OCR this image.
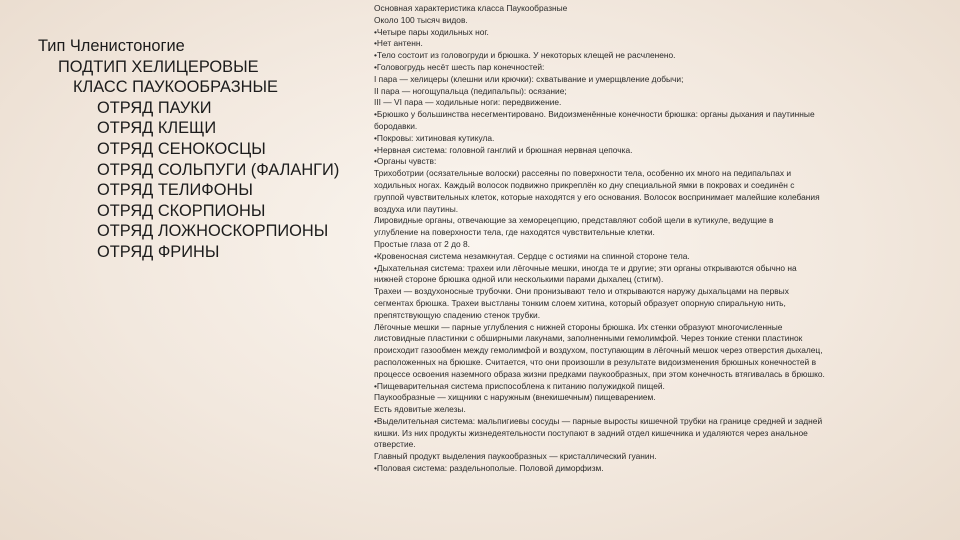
Тип Членистоногие
ПОДТИП ХЕЛИЦЕРОВЫЕ
КЛАСС ПАУКООБРАЗНЫЕ
ОТРЯД ПАУКИ
ОТРЯД КЛЕЩИ
ОТРЯД СЕНОКОСЦЫ
ОТРЯД СОЛЬПУГИ (ФАЛАНГИ)
ОТРЯД ТЕЛИФОНЫ
ОТРЯД СКОРПИОНЫ
ОТРЯД ЛОЖНОСКОРПИОНЫ
ОТРЯД ФРИНЫ
Основная характеристика класса Паукообразные
Около 100 тысяч видов.
•Четыре пары ходильных ног.
•Нет антенн.
•Тело состоит из головогруди и брюшка. У некоторых клещей не расчленено.
•Головогрудь несёт шесть пар конечностей:
I пара — хелицеры (клешни или крючки): схватывание и умерщвление добычи;
II пара — ногощупальца (педипальпы): осязание;
III — VI пара — ходильные ноги: передвижение.
•Брюшко у большинства несегментировано. Видоизменённые конечности брюшка: органы дыхания и паутинные
бородавки.
•Покровы: хитиновая кутикула.
•Нервная система: головной ганглий и брюшная нервная цепочка.
•Органы чувств:
Трихоботрии (осязательные волоски) рассеяны по поверхности тела, особенно их много на педипальпах и
ходильных ногах. Каждый волосок подвижно прикреплён ко дну специальной ямки в покровах и соединён с
группой чувствительных клеток, которые находятся у его основания. Волосок воспринимает малейшие колебания
воздуха или паутины.
Лировидные органы, отвечающие за хеморецепцию, представляют собой щели в кутикуле, ведущие в
углубление на поверхности тела, где находятся чувствительные клетки.
Простые глаза от 2 до 8.
•Кровеносная система незамкнутая. Сердце с остиями на спинной стороне тела.
•Дыхательная система: трахеи или лёгочные мешки, иногда те и другие; эти органы открываются обычно на
нижней стороне брюшка одной или несколькими парами дыхалец (стигм).
Трахеи — воздухоносные трубочки. Они пронизывают тело и открываются наружу дыхальцами на первых
сегментах брюшка. Трахеи выстланы тонким слоем хитина, который образует опорную спиральную нить,
препятствующую спадению стенок трубки.
Лёгочные мешки — парные углубления с нижней стороны брюшка. Их стенки образуют многочисленные
листовидные пластинки с обширными лакунами, заполненными гемолимфой. Через тонкие стенки пластинок
происходит газообмен между гемолимфой и воздухом, поступающим в лёгочный мешок через отверстия дыхалец,
расположенных на брюшке. Считается, что они произошли в результате видоизменения брюшных конечностей в
процессе освоения наземного образа жизни предками паукообразных, при этом конечность втягивалась в брюшко.
•Пищеварительная система приспособлена к питанию полужидкой пищей.
Паукообразные — хищники с наружным (внекишечным) пищеварением.
Есть ядовитые железы.
•Выделительная система: мальпигиевы сосуды — парные выросты кишечной трубки на границе средней и задней
кишки. Из них продукты жизнедеятельности поступают в задний отдел кишечника и удаляются через анальное
отверстие.
Главный продукт выделения паукообразных — кристаллический гуанин.
•Половая система: раздельнополые. Половой диморфизм.
